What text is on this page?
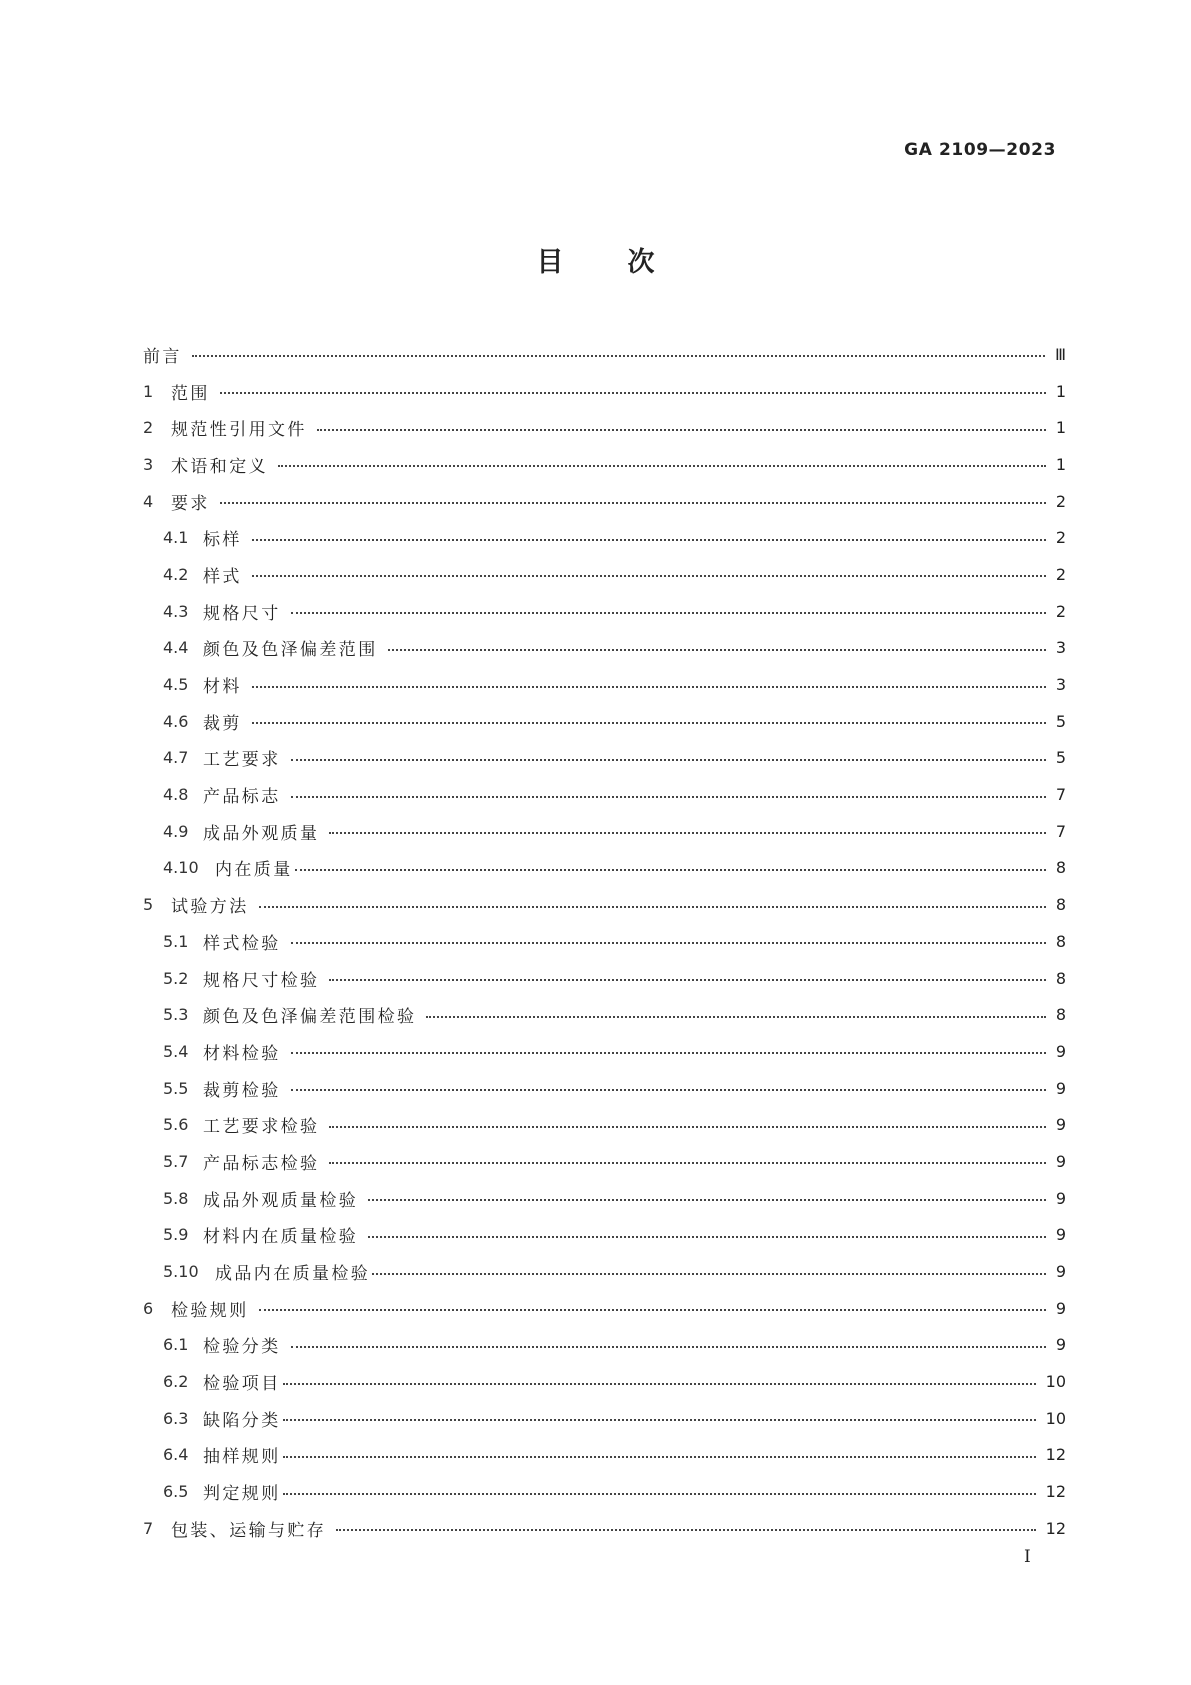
GA 2109—2023
目次
前言	Ⅲ
1	范围	1
2	规范性引用文件	1
3	术语和定义	1
4	要求	2
4.1 标样	2
4.2 样式	2
4.3 规格尺寸	2
4.4 颜色及色泽偏差范围	3
4.5 材料	3
4.6 裁剪	5
4.7 工艺要求	5
4.8 产品标志	7
4.9 成品外观质量	7
4.10 内在质量	8
5	试验方法	8
5.1 样式检验	8
5.2 规格尺寸检验	8
5.3 颜色及色泽偏差范围检验	8
5.4 材料检验	9
5.5 裁剪检验	9
5.6 工艺要求检验	9
5.7 产品标志检验	9
5.8 成品外观质量检验	9
5.9 材料内在质量检验	9
5.10 成品内在质量检验	9
6	检验规则	9
6.1 检验分类	9
6.2 检验项目	10
6.3 缺陷分类	10
6.4 抽样规则	12
6.5 判定规则	12
7	包装、运输与贮存	12
Ⅰ
